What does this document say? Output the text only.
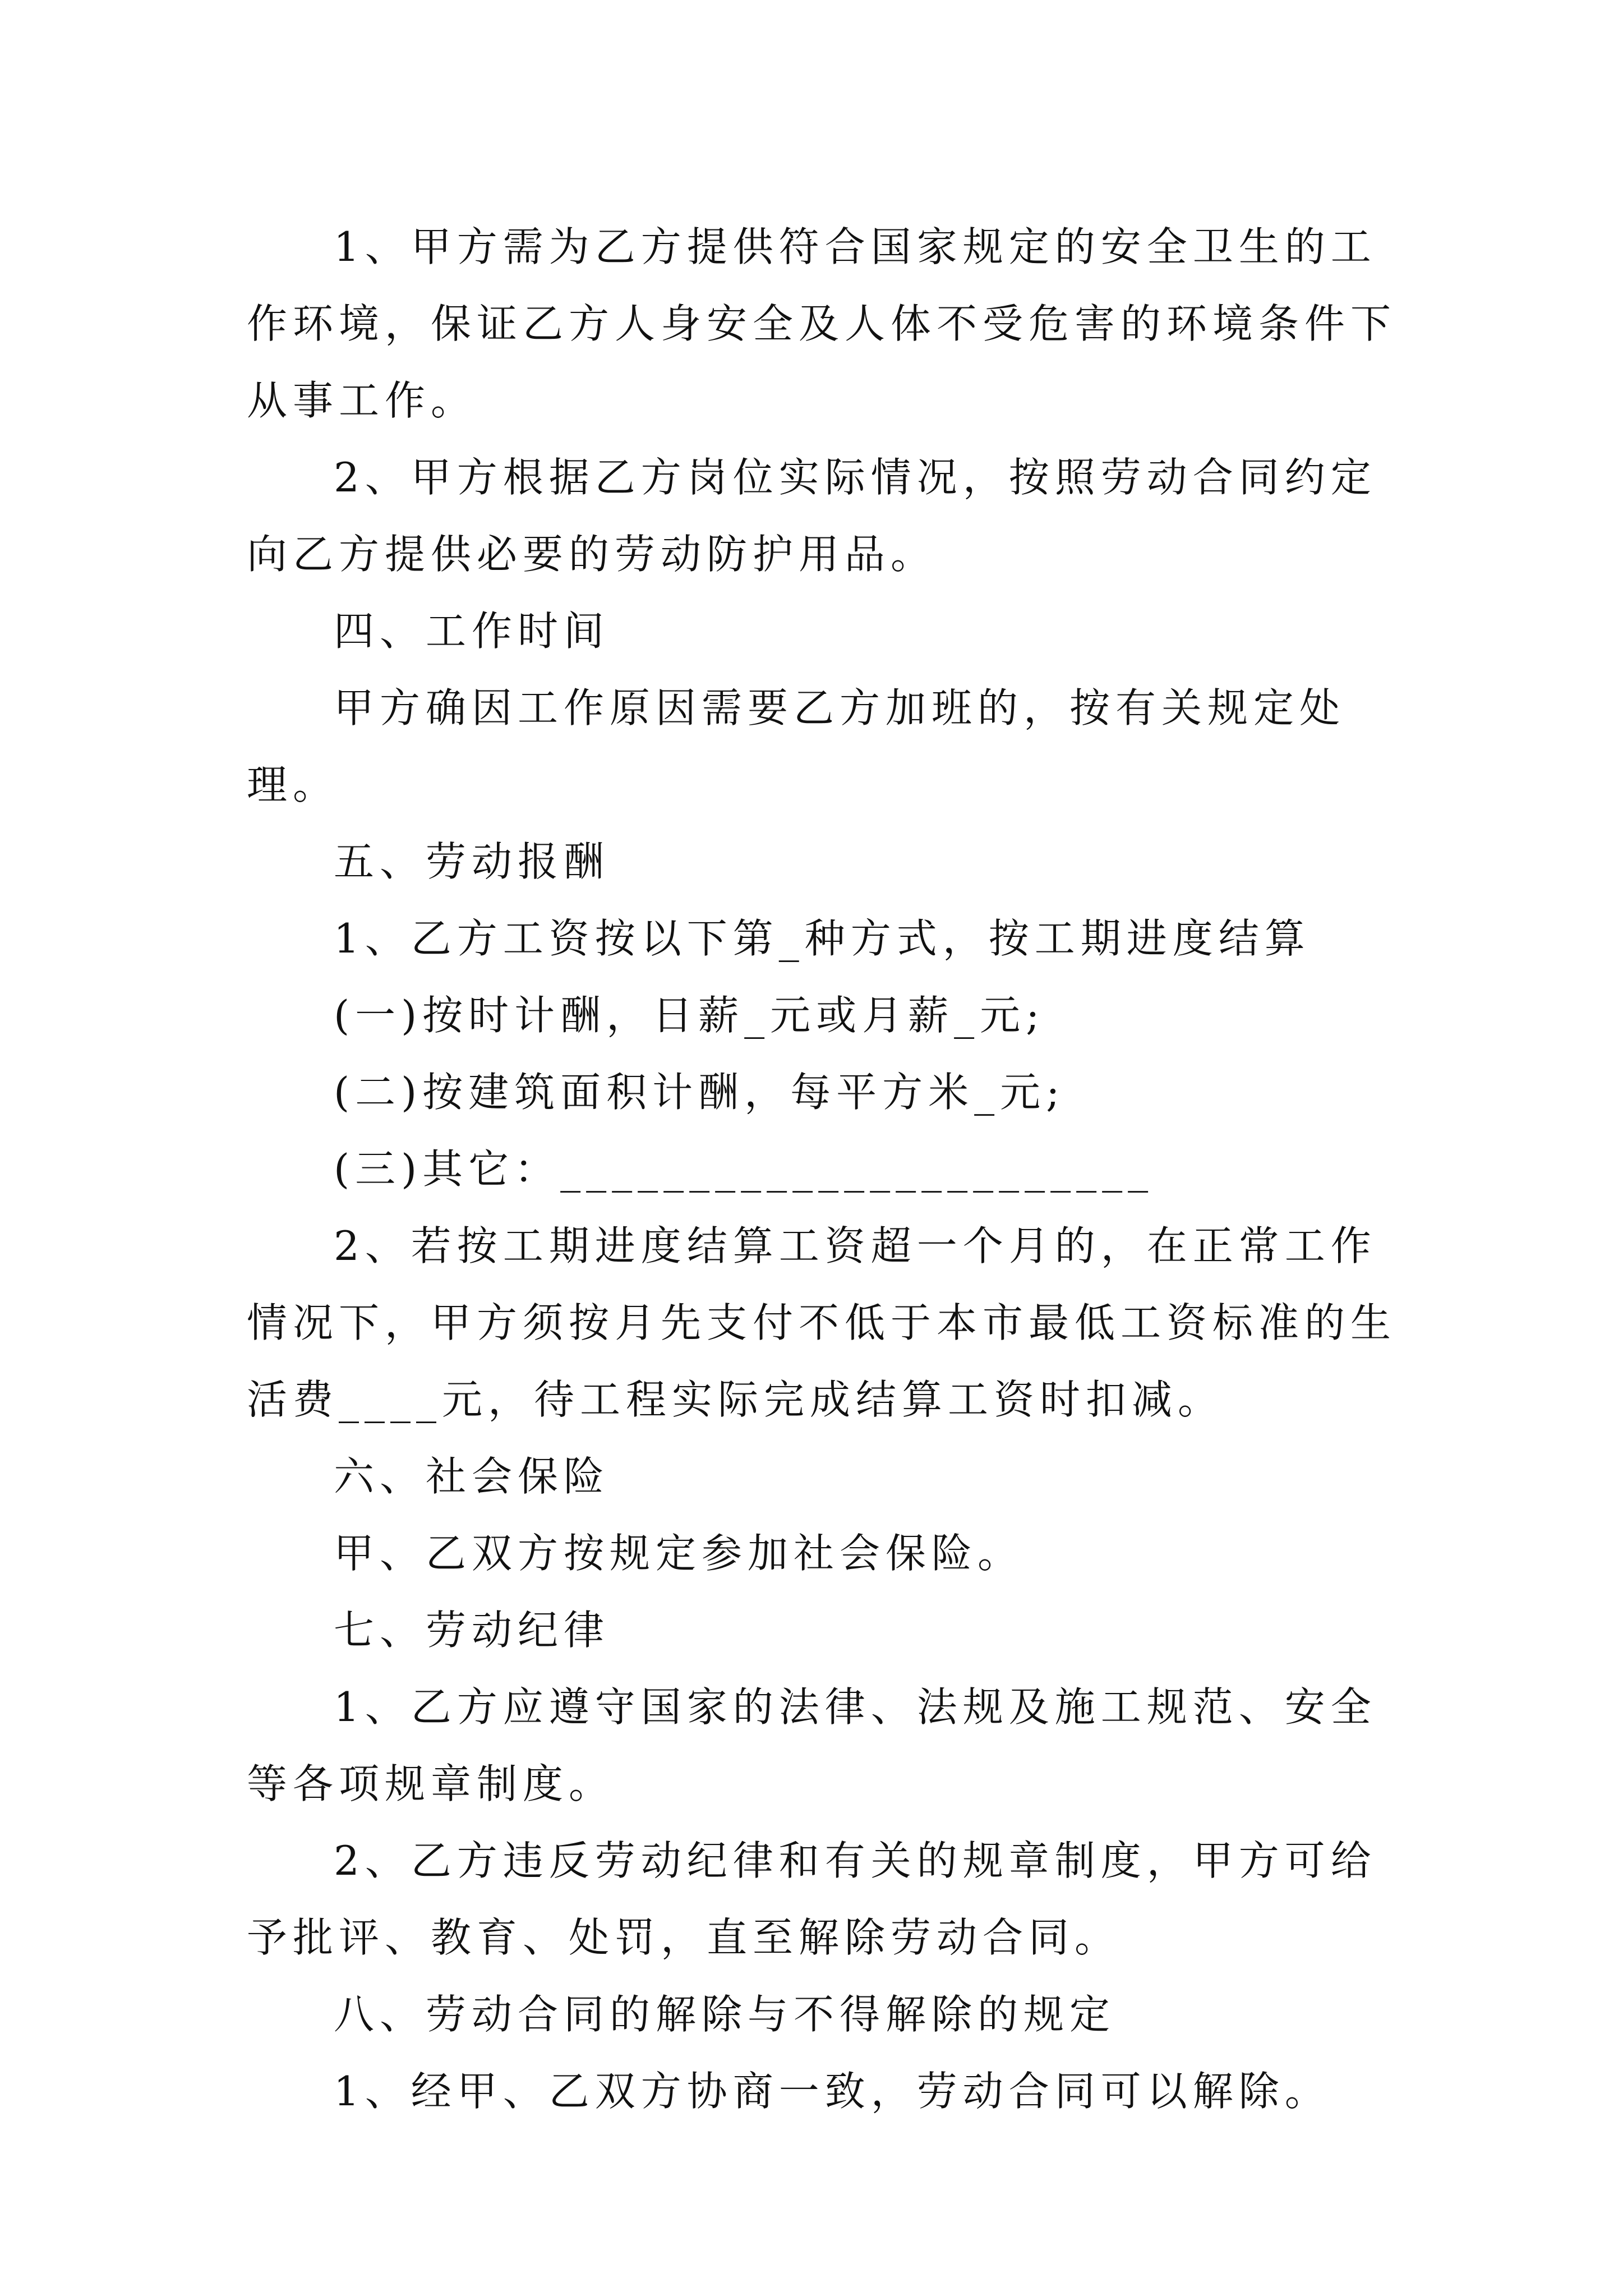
1、甲方需为乙方提供符合国家规定的安全卫生的工作环境，保证乙方人身安全及人体不受危害的环境条件下从事工作。

2、甲方根据乙方岗位实际情况，按照劳动合同约定向乙方提供必要的劳动防护用品。

四、工作时间

甲方确因工作原因需要乙方加班的，按有关规定处理。

五、劳动报酬

1、乙方工资按以下第_种方式，按工期进度结算

(一)按时计酬，日薪_元或月薪_元;

(二)按建筑面积计酬，每平方米_元;

(三)其它：_______________________

2、若按工期进度结算工资超一个月的，在正常工作情况下，甲方须按月先支付不低于本市最低工资标准的生活费____元，待工程实际完成结算工资时扣减。

六、社会保险

甲、乙双方按规定参加社会保险。

七、劳动纪律

1、乙方应遵守国家的法律、法规及施工规范、安全等各项规章制度。

2、乙方违反劳动纪律和有关的规章制度，甲方可给予批评、教育、处罚，直至解除劳动合同。

八、劳动合同的解除与不得解除的规定

1、经甲、乙双方协商一致，劳动合同可以解除。
